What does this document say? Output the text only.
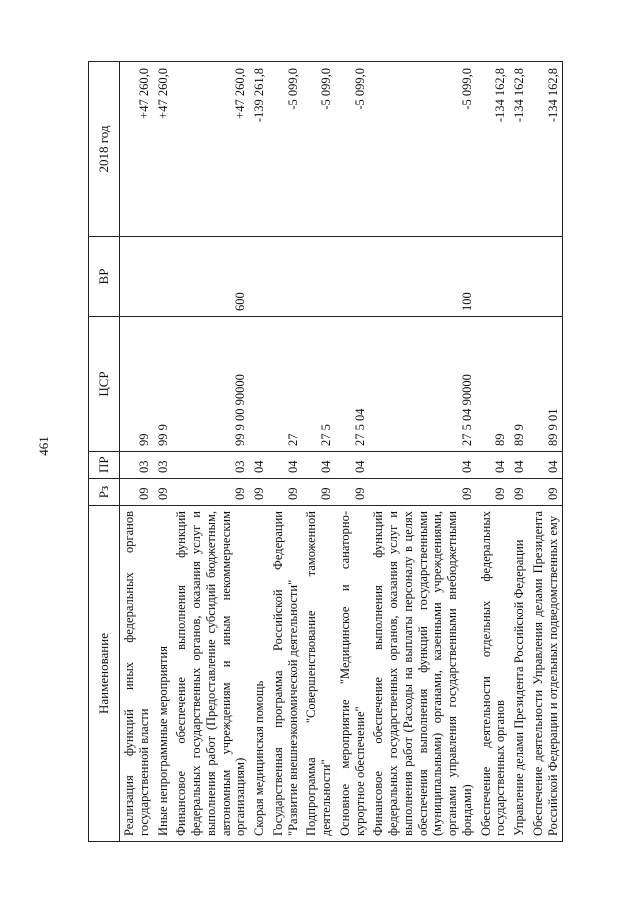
461
Наименование	Рз	ПР	ЦСР	ВР	2018 год
Реализация функций иных федеральных органов государственной власти	09	03	99		+47 260,0
Иные непрограммные мероприятия	09	03	99 9		+47 260,0
Финансовое обеспечение выполнения функций федеральных государственных органов, оказания услуг и выполнения работ (Предоставление субсидий бюджетным, автономным учреждениям и иным некоммерческим организациям)	09	03	99 9 00 90000	600	+47 260,0
Скорая медицинская помощь	09	04			-139 261,8
Государственная программа Российской Федерации "Развитие внешнеэкономической деятельности"	09	04	27		-5 099,0
Подпрограмма "Совершенствование таможенной деятельности"	09	04	27 5		-5 099,0
Основное мероприятие "Медицинское и санаторно-курортное обеспечение"	09	04	27 5 04		-5 099,0
Финансовое обеспечение выполнения функций федеральных государственных органов, оказания услуг и выполнения работ (Расходы на выплаты персоналу в целях обеспечения выполнения функций государственными (муниципальными) органами, казенными учреждениями, органами управления государственными внебюджетными фондами)	09	04	27 5 04 90000	100	-5 099,0
Обеспечение деятельности отдельных федеральных государственных органов	09	04	89		-134 162,8
Управление делами Президента Российской Федерации	09	04	89 9		-134 162,8
Обеспечение деятельности Управления делами Президента Российской Федерации и отдельных подведомственных ему	09	04	89 9 01		-134 162,8
